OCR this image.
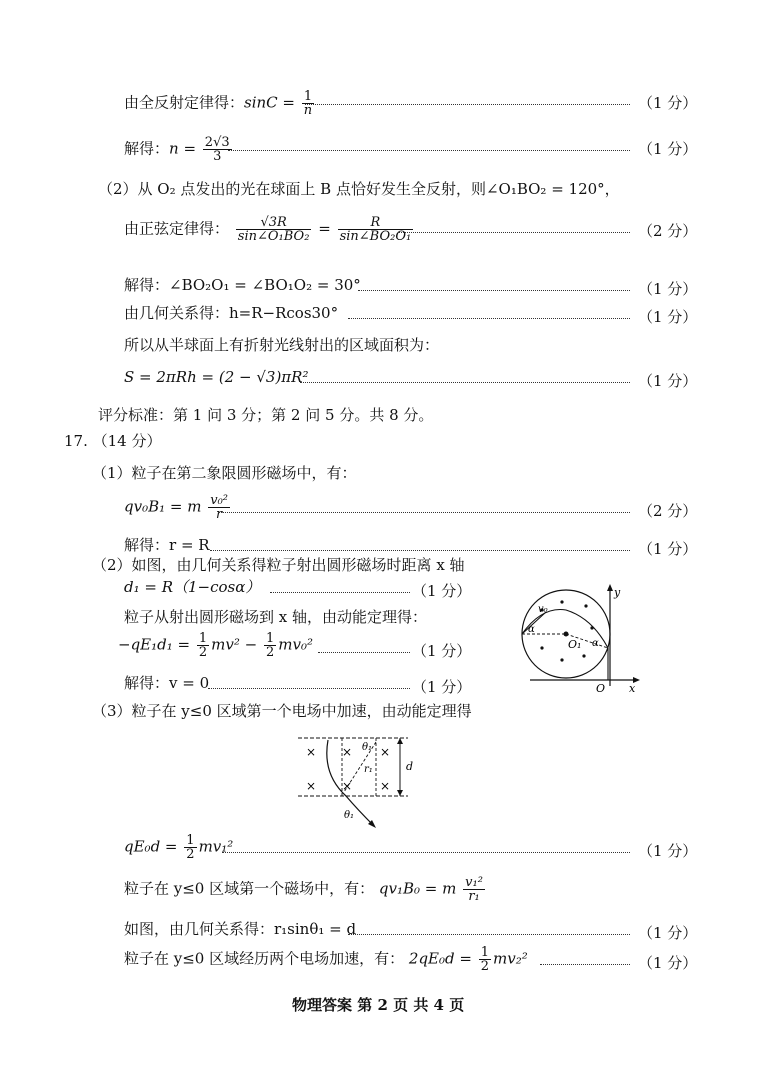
由全反射定律得：$\sin C = \frac{1}{n}$	（1 分）
解得：$n = \frac{2√3}{3}$	（1 分）
（2）从 O₂ 点发出的光在球面上 B 点恰好发生全反射，则∠O₁BO₂ = 120°，
由正弦定律得： $\frac{√3R}{\text{sin∠O₁BO₂}} = \frac{R}{\text{sin∠BO₂O₁}}$	（2 分）
解得：∠BO₂O₁ = ∠BO₁O₂ = 30°	（1 分）
由几何关系得：h=R−Rcos30°	（1 分）
所以从半球面上有折射光线射出的区域面积为：
S = 2πRh = (2 − √3)πR²	（1 分）
评分标准：第 1 问 3 分；第 2 问 5 分。共 8 分。
17. （14 分）
（1）粒子在第二象限圆形磁场中，有：
qv₀B₁ = m $\frac{\text{v₀²}}{r}$	（2 分）
解得：r = R	（1 分）
（2）如图，由几何关系得粒子射出圆形磁场时距离 x 轴
d₁ = R（1−cosα）	（1 分）
粒子从射出圆形磁场到 x 轴，由动能定理得：
$-qE_1d_1 = \frac{1}{2} mv^2 - \frac{1}{2} mv_0^2$	（1 分）
解得：v = 0	（1 分）
v₀
α
α
O₁
y
x
O
（3）粒子在 y≤0 区域第一个电场中加速，由动能定理得
× × ×
× × ×
d
θ₁
r₁
θ₁
$qE_0d = \frac{1}{2} mv_1^2$	（1 分）
粒子在 y≤0 区域第一个磁场中，有： qv₁B₀ = m $\frac{\text{v₁²}}{\text{r₁}}$
如图，由几何关系得：r₁sinθ₁ = d	（1 分）
粒子在 y≤0 区域经历两个电场加速，有： $2qE_0d = \frac{1}{2} mv_2^2$	（1 分）
物理答案 第 2 页 共 4 页
